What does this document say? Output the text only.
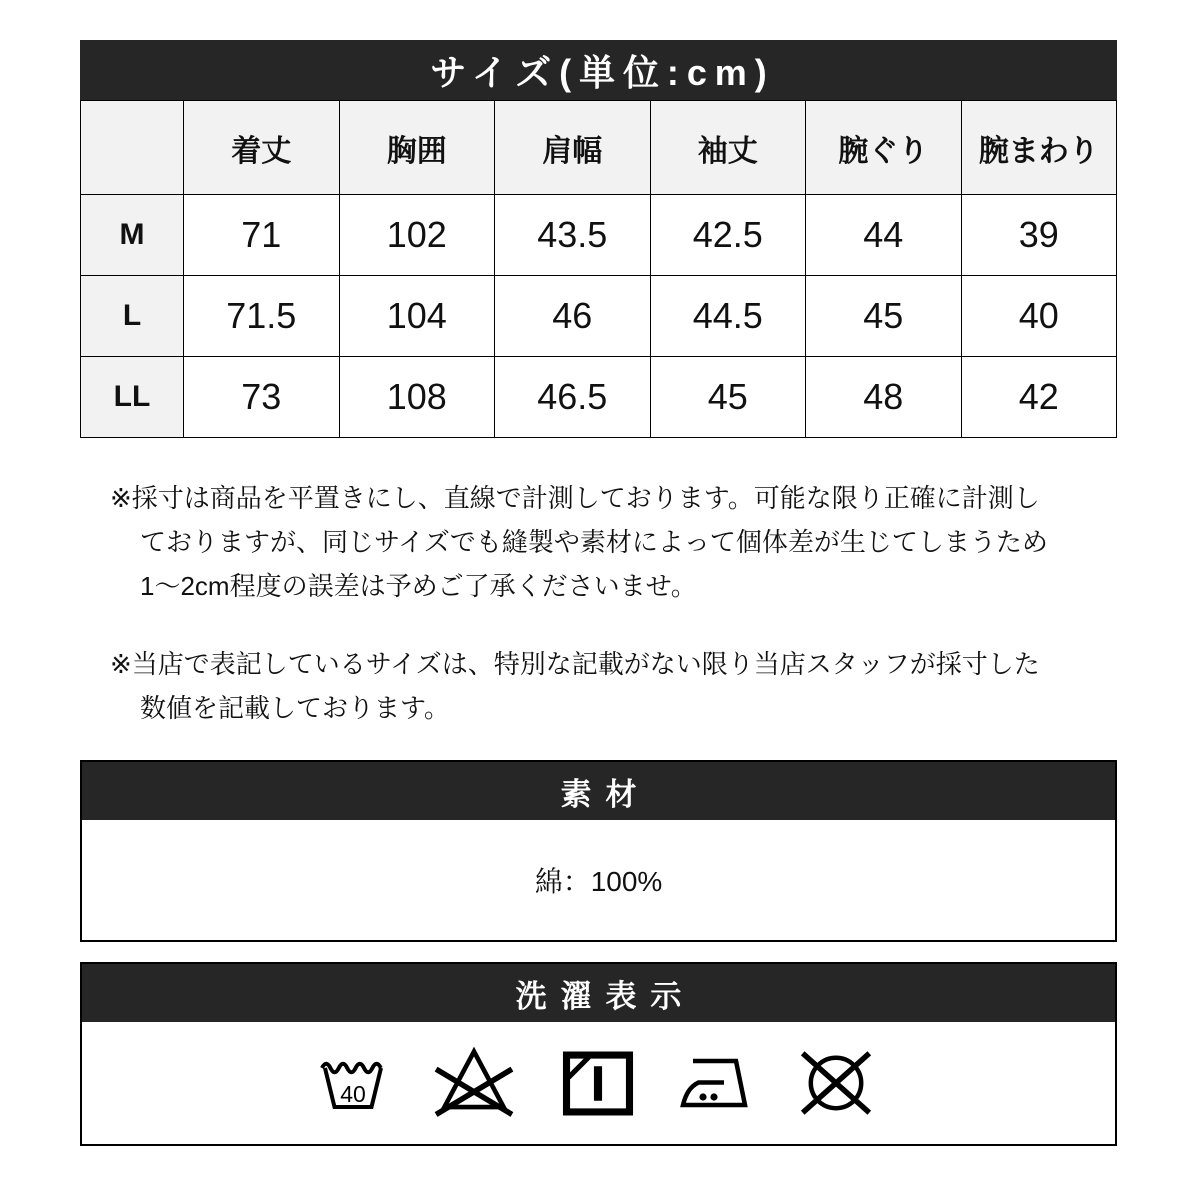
サイズ(単位:cm)
	着丈	胸囲	肩幅	袖丈	腕ぐり	腕まわり
M	71	102	43.5	42.5	44	39
L	71.5	104	46	44.5	45	40
LL	73	108	46.5	45	48	42
※採寸は商品を平置きにし、直線で計測しております。可能な限り正確に計測し
ておりますが、同じサイズでも縫製や素材によって個体差が生じてしまうため
1～2cm程度の誤差は予めご了承くださいませ。
※当店で表記しているサイズは、特別な記載がない限り当店スタッフが採寸した
数値を記載しております。
素材
綿：100%
洗濯表示
40
